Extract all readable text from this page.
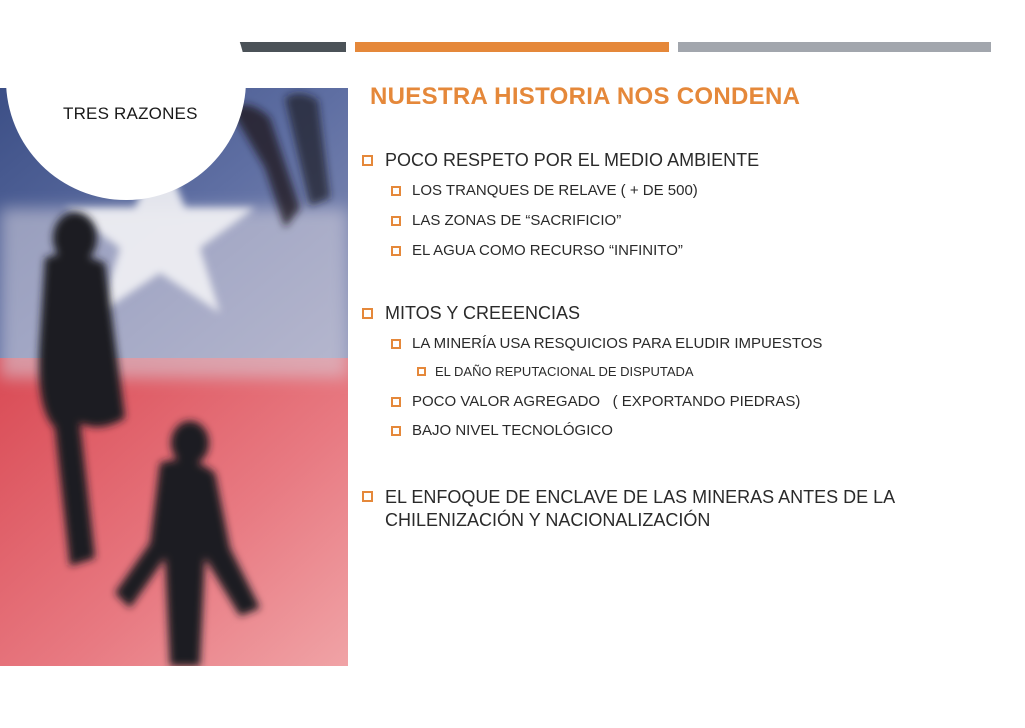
TRES RAZONES
NUESTRA HISTORIA NOS CONDENA
POCO RESPETO POR EL MEDIO AMBIENTE
LOS TRANQUES DE RELAVE ( + DE 500)
LAS ZONAS DE “SACRIFICIO”
EL AGUA COMO RECURSO “INFINITO”
MITOS Y CREEENCIAS
LA MINERÍA USA RESQUICIOS PARA ELUDIR IMPUESTOS
EL DAÑO REPUTACIONAL DE DISPUTADA
POCO VALOR AGREGADO   ( EXPORTANDO PIEDRAS)
BAJO NIVEL TECNOLÓGICO
EL ENFOQUE DE ENCLAVE DE LAS MINERAS ANTES DE LA CHILENIZACIÓN Y NACIONALIZACIÓN
